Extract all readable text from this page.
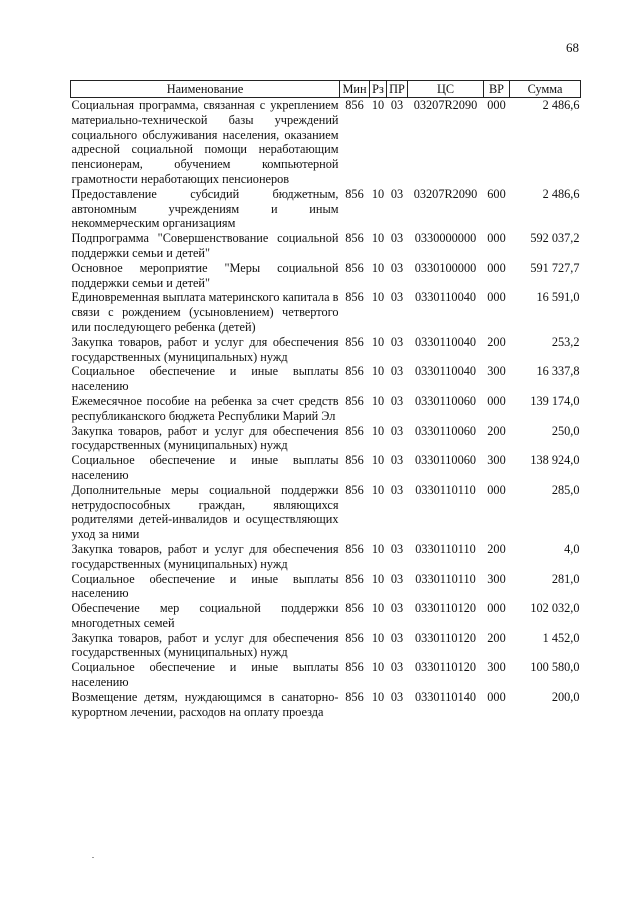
68
Наименование	Мин	Рз	ПР	ЦС	ВР	Сумма
Социальная программа, связанная с укреплением материально-технической базы учреждений социального обслуживания населения, оказанием адресной социальной помощи неработающим пенсионерам, обучением компьютерной грамотности неработающих пенсионеров	856	10	03	03207R2090	000	2 486,6
Предоставление субсидий бюджетным, автономным учреждениям и иным некоммерческим организациям	856	10	03	03207R2090	600	2 486,6
Подпрограмма "Совершенствование социальной поддержки семьи и детей"	856	10	03	0330000000	000	592 037,2
Основное мероприятие "Меры социальной поддержки семьи и детей"	856	10	03	0330100000	000	591 727,7
Единовременная выплата материнского капитала в связи с рождением (усыновлением) четвертого или последующего ребенка (детей)	856	10	03	0330110040	000	16 591,0
Закупка товаров, работ и услуг для обеспечения государственных (муниципальных) нужд	856	10	03	0330110040	200	253,2
Социальное обеспечение и иные выплаты населению	856	10	03	0330110040	300	16 337,8
Ежемесячное пособие на ребенка за счет средств республиканского бюджета Республики Марий Эл	856	10	03	0330110060	000	139 174,0
Закупка товаров, работ и услуг для обеспечения государственных (муниципальных) нужд	856	10	03	0330110060	200	250,0
Социальное обеспечение и иные выплаты населению	856	10	03	0330110060	300	138 924,0
Дополнительные меры социальной поддержки нетрудоспособных граждан, являющихся родителями детей-инвалидов и осуществляющих уход за ними	856	10	03	0330110110	000	285,0
Закупка товаров, работ и услуг для обеспечения государственных (муниципальных) нужд	856	10	03	0330110110	200	4,0
Социальное обеспечение и иные выплаты населению	856	10	03	0330110110	300	281,0
Обеспечение мер социальной поддержки многодетных семей	856	10	03	0330110120	000	102 032,0
Закупка товаров, работ и услуг для обеспечения государственных (муниципальных) нужд	856	10	03	0330110120	200	1 452,0
Социальное обеспечение и иные выплаты населению	856	10	03	0330110120	300	100 580,0
Возмещение детям, нуждающимся в санаторно-курортном лечении, расходов на оплату проезда	856	10	03	0330110140	000	200,0
